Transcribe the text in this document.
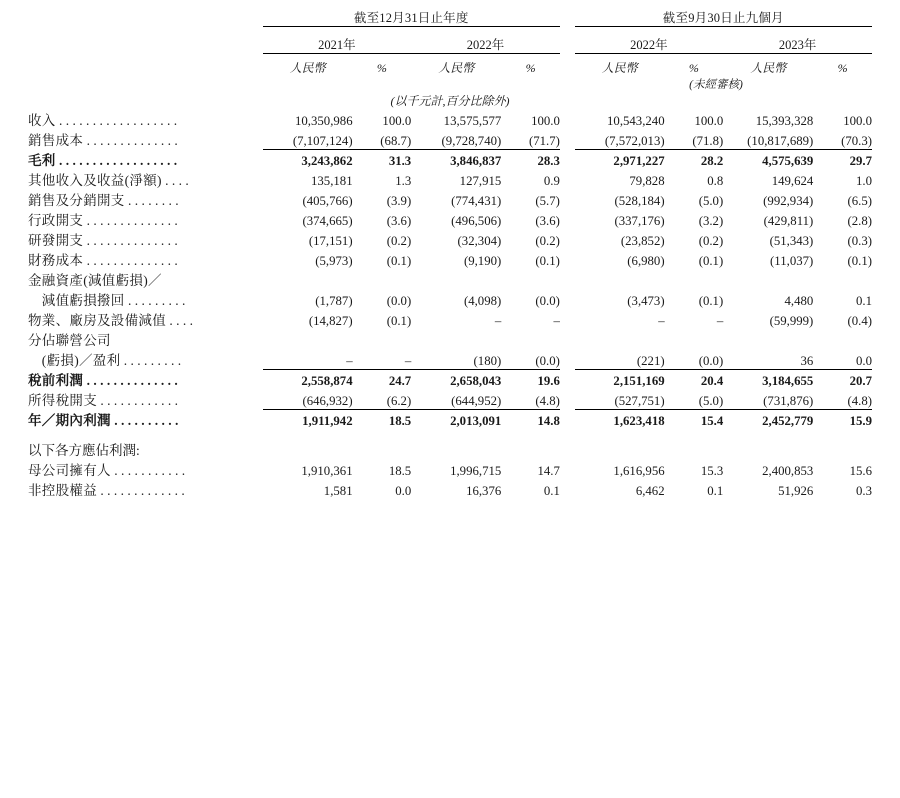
	截至12月31日止年度					截至9月30日止九個月			
	2021年		2022年			2022年		2023年	
	人民幣	%	人民幣	%		人民幣	%	人民幣	%
					(未經審核)				
(以千元計,百分比除外)									
收入 . . . . . . . . . . . . . . . . . .	10,350,986	100.0	13,575,577	100.0		10,543,240	100.0	15,393,328	100.0
銷售成本 . . . . . . . . . . . . . .	(7,107,124)	(68.7)	(9,728,740)	(71.7)		(7,572,013)	(71.8)	(10,817,689)	(70.3)
毛利 . . . . . . . . . . . . . . . . . .	3,243,862	31.3	3,846,837	28.3		2,971,227	28.2	4,575,639	29.7
其他收入及收益(淨額) . . . .	135,181	1.3	127,915	0.9		79,828	0.8	149,624	1.0
銷售及分銷開支 . . . . . . . .	(405,766)	(3.9)	(774,431)	(5.7)		(528,184)	(5.0)	(992,934)	(6.5)
行政開支 . . . . . . . . . . . . . .	(374,665)	(3.6)	(496,506)	(3.6)		(337,176)	(3.2)	(429,811)	(2.8)
研發開支 . . . . . . . . . . . . . .	(17,151)	(0.2)	(32,304)	(0.2)		(23,852)	(0.2)	(51,343)	(0.3)
財務成本 . . . . . . . . . . . . . .	(5,973)	(0.1)	(9,190)	(0.1)		(6,980)	(0.1)	(11,037)	(0.1)
金融資產(減值虧損)／									
　減值虧損撥回 . . . . . . . . .	(1,787)	(0.0)	(4,098)	(0.0)		(3,473)	(0.1)	4,480	0.1
物業、廠房及設備減值 . . . .	(14,827)	(0.1)	–	–		–	–	(59,999)	(0.4)
分佔聯營公司									
　(虧損)／盈利 . . . . . . . . .	–	–	(180)	(0.0)		(221)	(0.0)	36	0.0
稅前利潤 . . . . . . . . . . . . . .	2,558,874	24.7	2,658,043	19.6		2,151,169	20.4	3,184,655	20.7
所得稅開支 . . . . . . . . . . . .	(646,932)	(6.2)	(644,952)	(4.8)		(527,751)	(5.0)	(731,876)	(4.8)
年／期內利潤 . . . . . . . . . .	1,911,942	18.5	2,013,091	14.8		1,623,418	15.4	2,452,779	15.9

以下各方應佔利潤:									
母公司擁有人 . . . . . . . . . . .	1,910,361	18.5	1,996,715	14.7		1,616,956	15.3	2,400,853	15.6
非控股權益 . . . . . . . . . . . . .	1,581	0.0	16,376	0.1		6,462	0.1	51,926	0.3
